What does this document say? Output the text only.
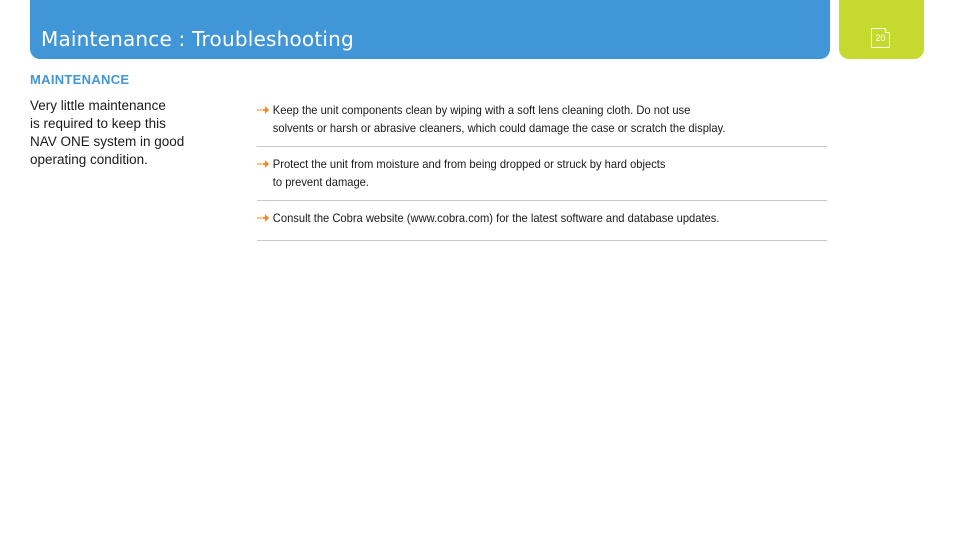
Maintenance : Troubleshooting	20
MAINTENANCE
Very little maintenance
is required to keep this
NAV ONE system in good
operating condition.
Keep the unit components clean by wiping with a soft lens cleaning cloth. Do not use
solvents or harsh or abrasive cleaners, which could damage the case or scratch the display.
Protect the unit from moisture and from being dropped or struck by hard objects
to prevent damage.
Consult the Cobra website (www.cobra.com) for the latest software and database updates.
